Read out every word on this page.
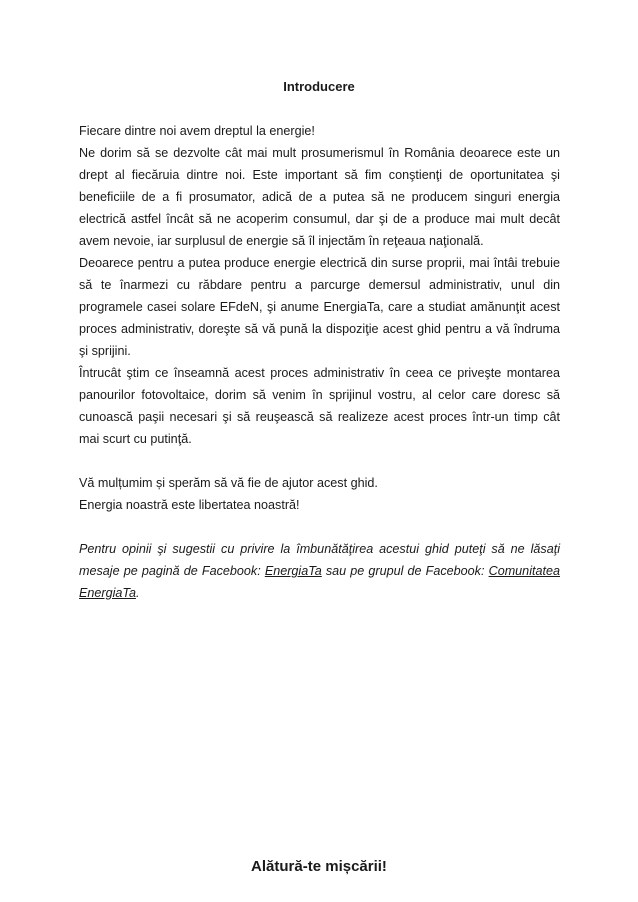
Introducere

Fiecare dintre noi avem dreptul la energie!

Ne dorim să se dezvolte cât mai mult prosumerismul în România deoarece este un drept al fiecăruia dintre noi. Este important să fim conştienţi de oportunitatea şi beneficiile de a fi prosumator, adică de a putea să ne producem singuri energia electrică astfel încât să ne acoperim consumul, dar şi de a produce mai mult decât avem nevoie, iar surplusul de energie să îl injectăm în reţeaua naţională.

Deoarece pentru a putea produce energie electrică din surse proprii, mai întâi trebuie să te înarmezi cu răbdare pentru a parcurge demersul administrativ, unul din programele casei solare EFdeN, şi anume EnergiaTa, care a studiat amănunţit acest proces administrativ, doreşte să vă pună la dispoziţie acest ghid pentru a vă îndruma şi sprijini.

Întrucât ştim ce înseamnă acest proces administrativ în ceea ce priveşte montarea panourilor fotovoltaice, dorim să venim în sprijinul vostru, al celor care doresc să cunoască paşii necesari şi să reuşească să realizeze acest proces într-un timp cât mai scurt cu putinţă.

Vă mulțumim și sperăm să vă fie de ajutor acest ghid.

Energia noastră este libertatea noastră!

Pentru opinii şi sugestii cu privire la îmbunătăţirea acestui ghid puteţi să ne lăsaţi mesaje pe pagină de Facebook: EnergiaTa sau pe grupul de Facebook: Comunitatea EnergiaTa.

Alătură-te mișcării!
